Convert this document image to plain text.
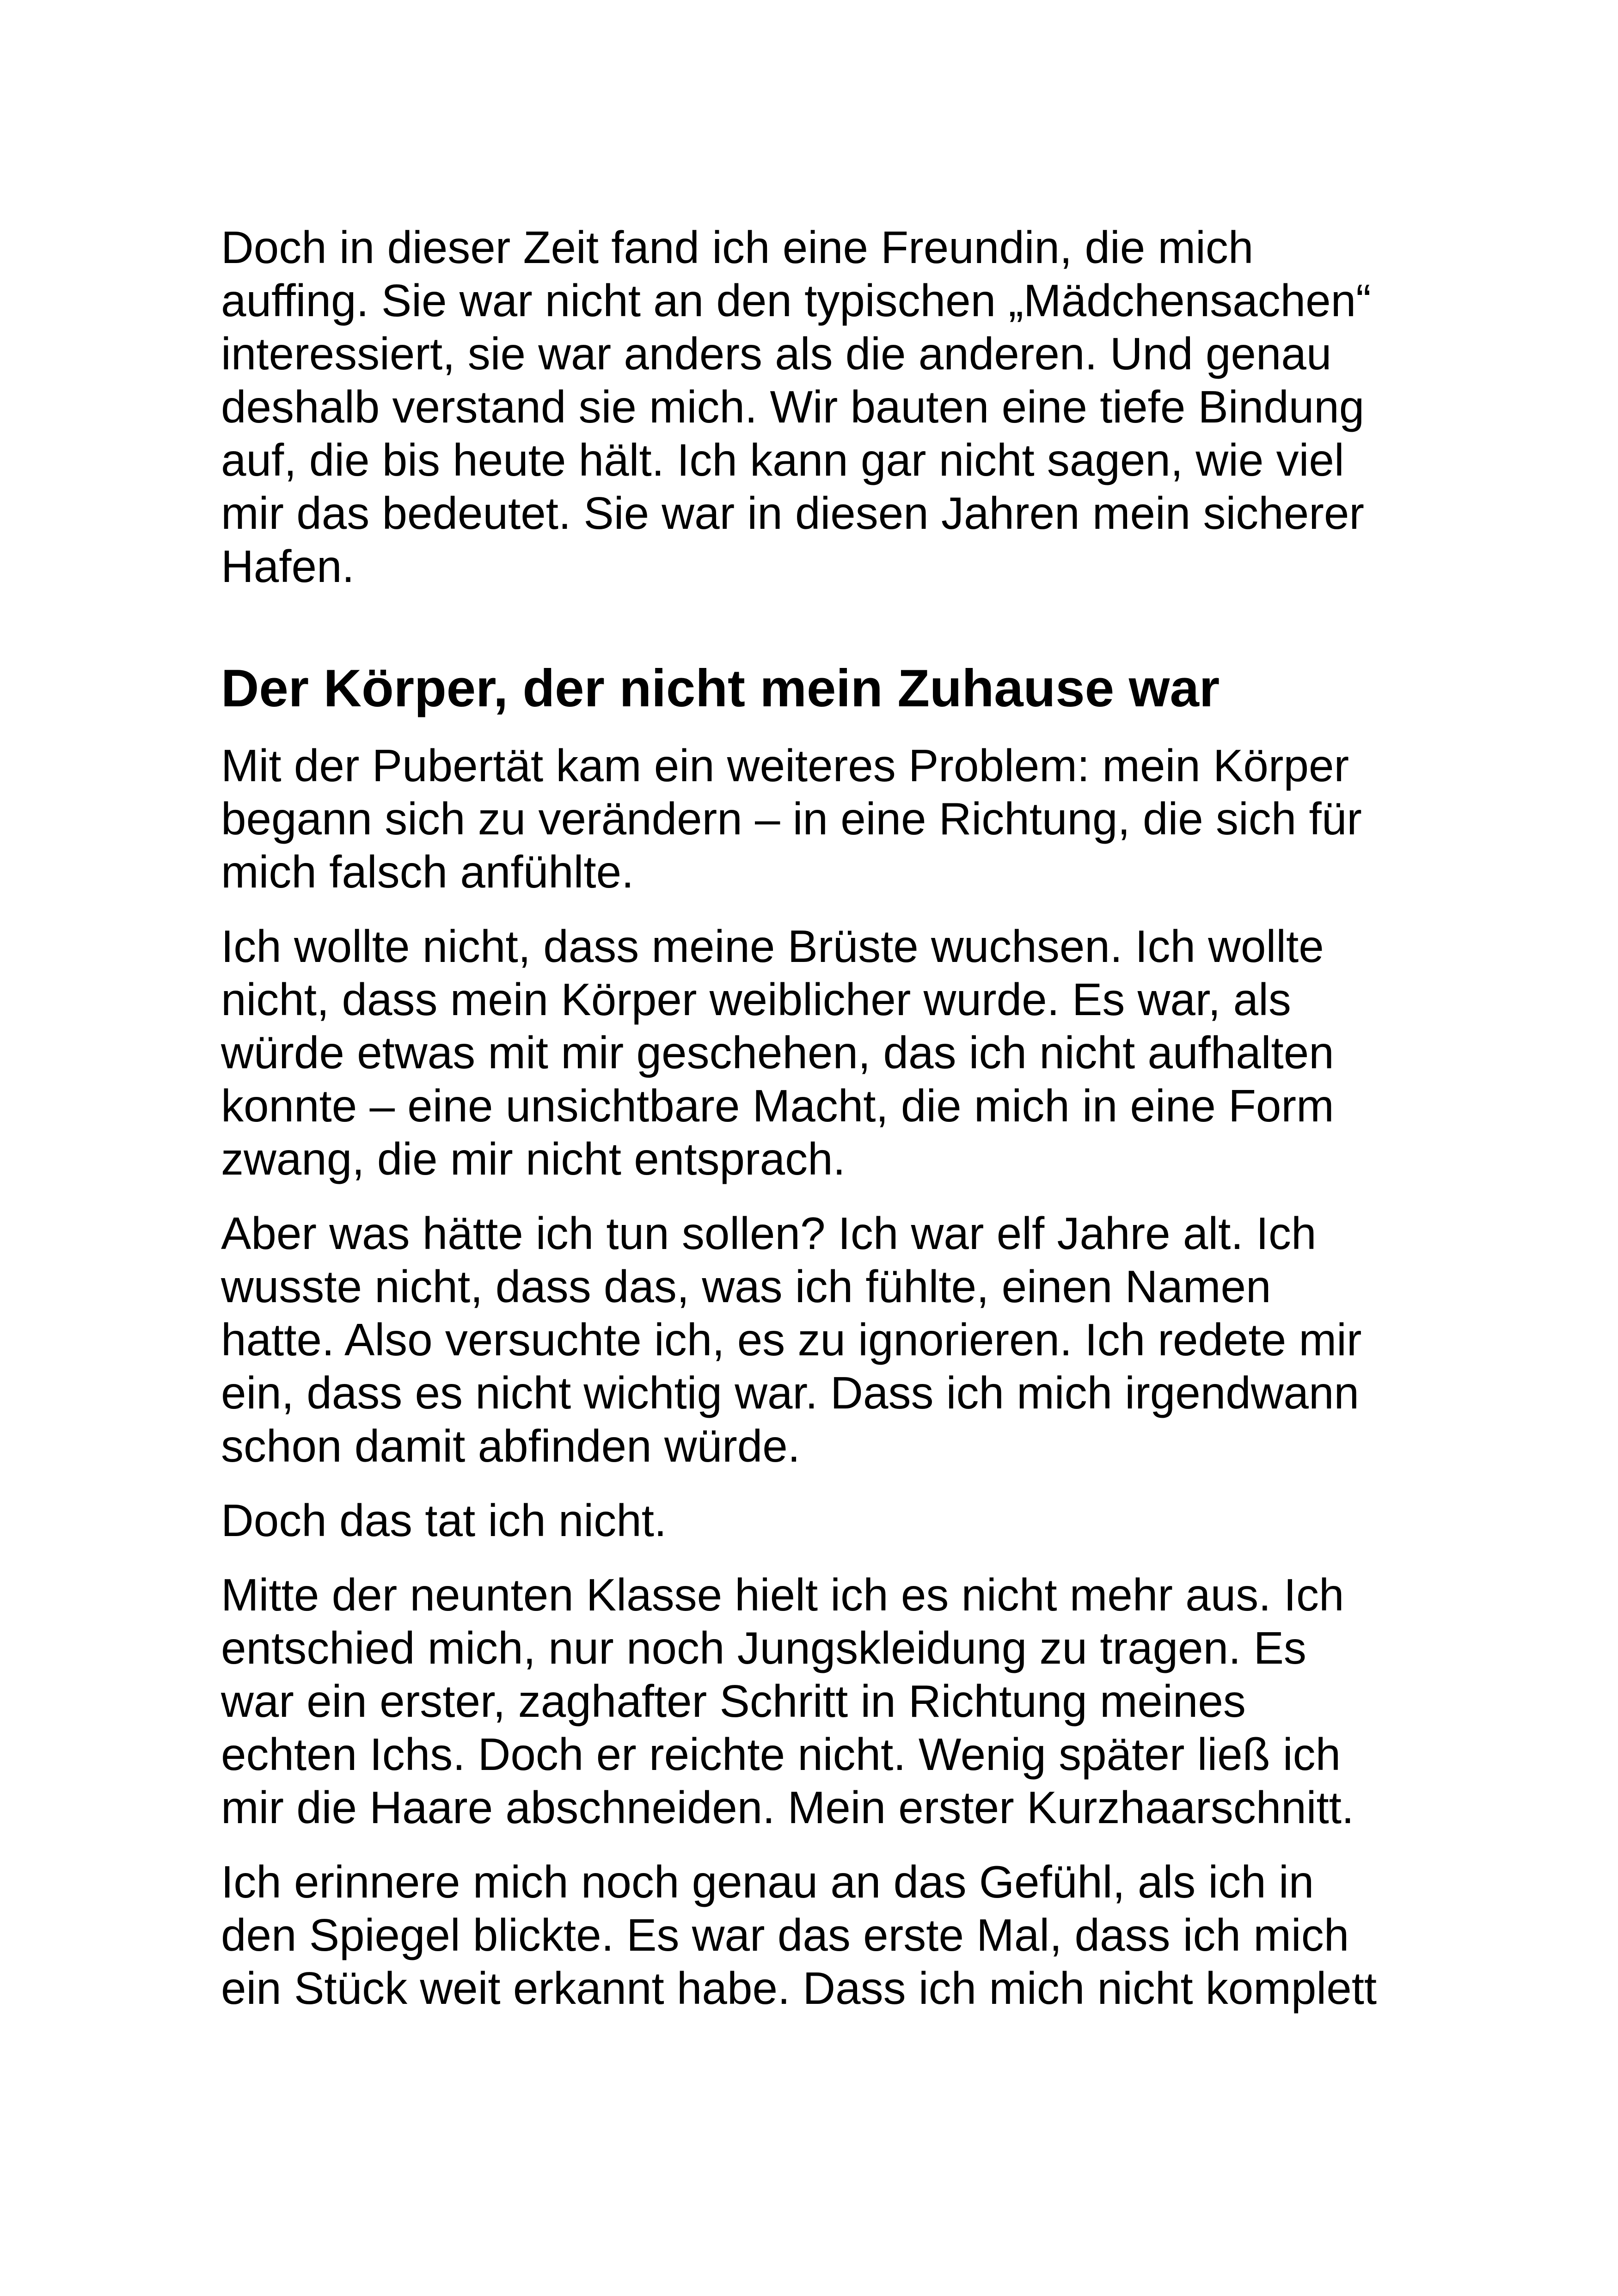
Doch in dieser Zeit fand ich eine Freundin, die mich
auffing. Sie war nicht an den typischen „Mädchensachen“
interessiert, sie war anders als die anderen. Und genau
deshalb verstand sie mich. Wir bauten eine tiefe Bindung
auf, die bis heute hält. Ich kann gar nicht sagen, wie viel
mir das bedeutet. Sie war in diesen Jahren mein sicherer
Hafen.

Der Körper, der nicht mein Zuhause war

Mit der Pubertät kam ein weiteres Problem: mein Körper
begann sich zu verändern – in eine Richtung, die sich für
mich falsch anfühlte.

Ich wollte nicht, dass meine Brüste wuchsen. Ich wollte
nicht, dass mein Körper weiblicher wurde. Es war, als
würde etwas mit mir geschehen, das ich nicht aufhalten
konnte – eine unsichtbare Macht, die mich in eine Form
zwang, die mir nicht entsprach.

Aber was hätte ich tun sollen? Ich war elf Jahre alt. Ich
wusste nicht, dass das, was ich fühlte, einen Namen
hatte. Also versuchte ich, es zu ignorieren. Ich redete mir
ein, dass es nicht wichtig war. Dass ich mich irgendwann
schon damit abfinden würde.

Doch das tat ich nicht.

Mitte der neunten Klasse hielt ich es nicht mehr aus. Ich
entschied mich, nur noch Jungskleidung zu tragen. Es
war ein erster, zaghafter Schritt in Richtung meines
echten Ichs. Doch er reichte nicht. Wenig später ließ ich
mir die Haare abschneiden. Mein erster Kurzhaarschnitt.

Ich erinnere mich noch genau an das Gefühl, als ich in
den Spiegel blickte. Es war das erste Mal, dass ich mich
ein Stück weit erkannt habe. Dass ich mich nicht komplett
